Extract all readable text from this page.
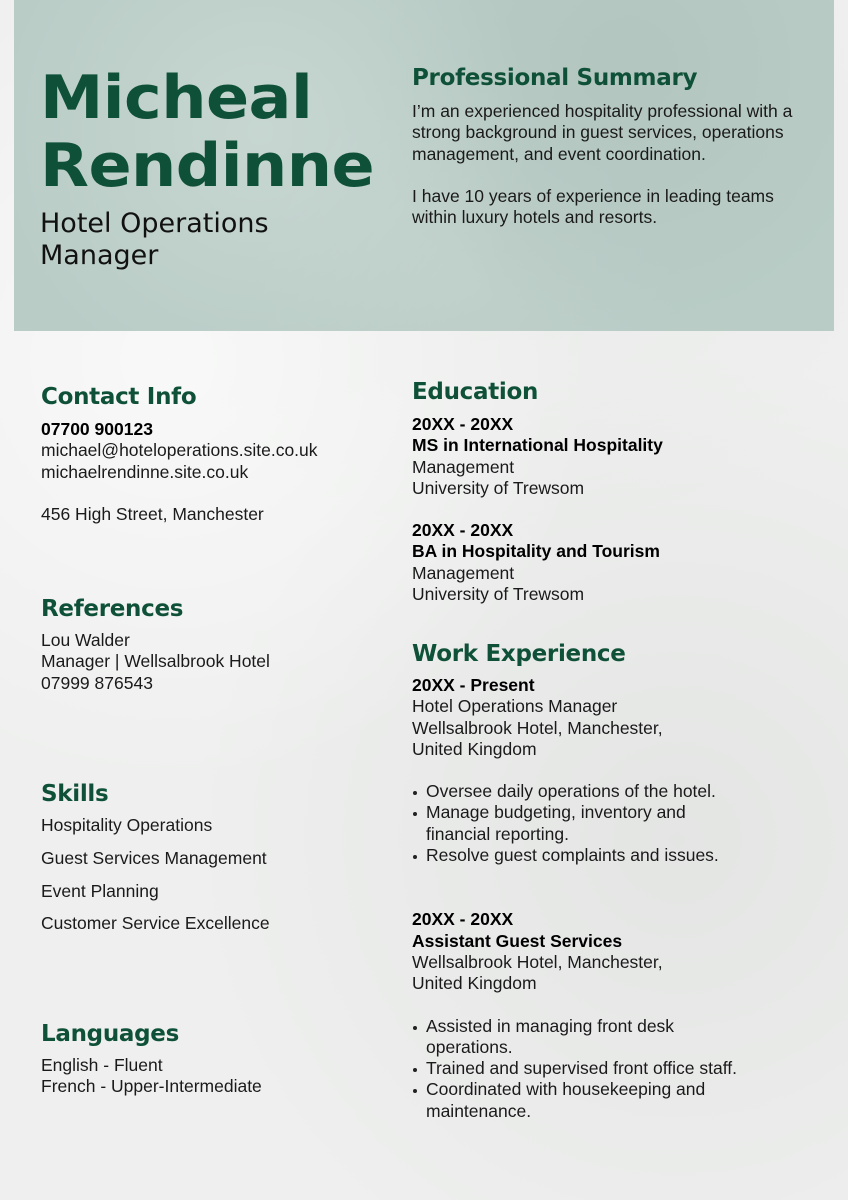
Micheal
Rendinne
Hotel Operations Manager
Professional Summary

I’m an experienced hospitality professional with a strong background in guest services, operations management, and event coordination.

I have 10 years of experience in leading teams within luxury hotels and resorts.

Contact Info
07700 900123
michael@hoteloperations.site.co.uk
michaelrendinne.site.co.uk
456 High Street, Manchester
References
Lou Walder
Manager | Wellsalbrook Hotel
07999 876543
Skills
Hospitality Operations
Guest Services Management
Event Planning
Customer Service Excellence
Languages
English - Fluent
French - Upper-Intermediate
Education
20XX - 20XX
MS in International Hospitality
Management
University of Trewsom
20XX - 20XX
BA in Hospitality and Tourism
Management
University of Trewsom
Work Experience
20XX - Present
Hotel Operations Manager
Wellsalbrook Hotel, Manchester, United Kingdom
Oversee daily operations of the hotel.
Manage budgeting, inventory and financial reporting.
Resolve guest complaints and issues.
20XX - 20XX
Assistant Guest Services
Wellsalbrook Hotel, Manchester, United Kingdom
Assisted in managing front desk operations.
Trained and supervised front office staff.
Coordinated with housekeeping and maintenance.
